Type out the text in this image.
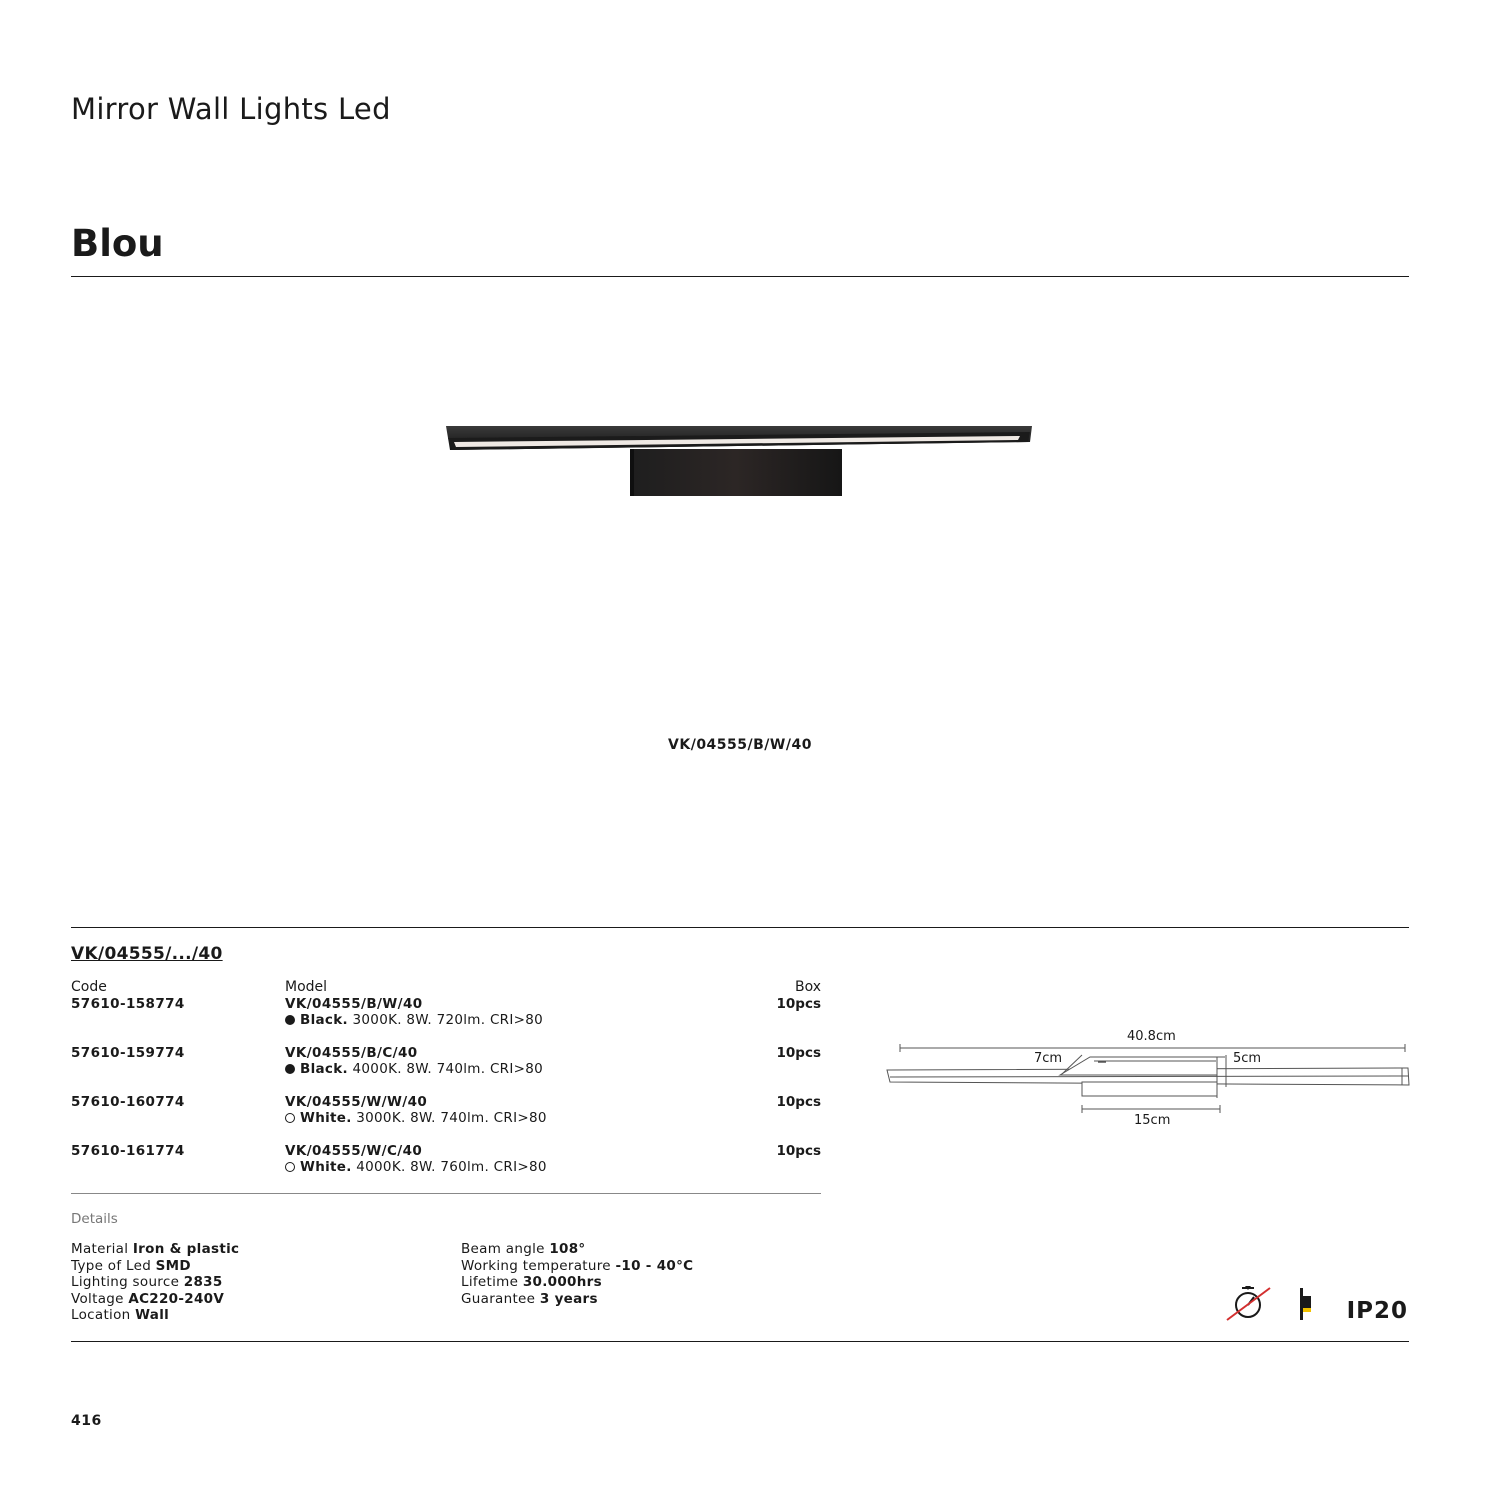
Mirror Wall Lights Led
Blou
VK/04555/B/W/40
VK/04555/.../40
Code	Model	Box
57610-158774	VK/04555/B/W/40	10pcs
Black. 3000K. 8W. 720lm. CRI>80
57610-159774	VK/04555/B/C/40	10pcs
Black. 4000K. 8W. 740lm. CRI>80
57610-160774	VK/04555/W/W/40	10pcs
White. 3000K. 8W. 740lm. CRI>80
57610-161774	VK/04555/W/C/40	10pcs
White. 4000K. 8W. 760lm. CRI>80
40.8cm
7cm	5cm
15cm
Details
Material Iron & plastic
Type of Led SMD
Lighting source 2835
Voltage AC220-240V
Location Wall
Beam angle 108°
Working temperature -10 - 40°C
Lifetime 30.000hrs
Guarantee 3 years	IP20
416
